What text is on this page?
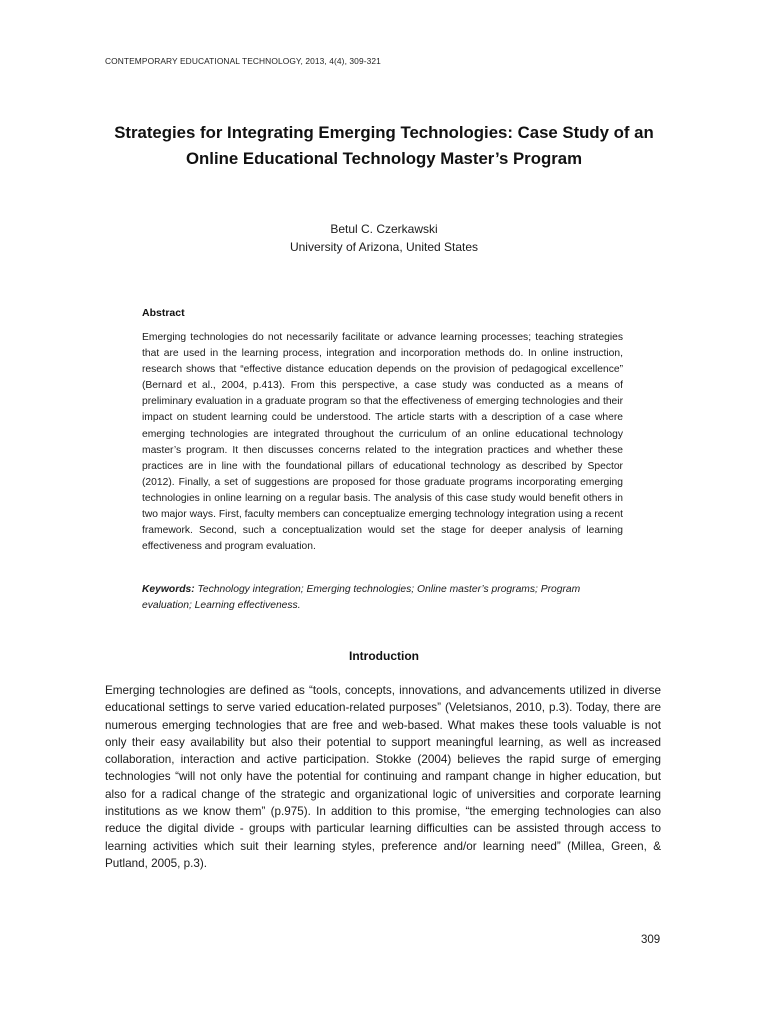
CONTEMPORARY EDUCATIONAL TECHNOLOGY, 2013, 4(4), 309-321
Strategies for Integrating Emerging Technologies: Case Study of an
Online Educational Technology Master’s Program
Betul C. Czerkawski
University of Arizona, United States
Abstract
Emerging technologies do not necessarily facilitate or advance learning processes; teaching strategies that are used in the learning process, integration and incorporation methods do. In online instruction, research shows that “effective distance education depends on the provision of pedagogical excellence” (Bernard et al., 2004, p.413). From this perspective, a case study was conducted as a means of preliminary evaluation in a graduate program so that the effectiveness of emerging technologies and their impact on student learning could be understood. The article starts with a description of a case where emerging technologies are integrated throughout the curriculum of an online educational technology master’s program. It then discusses concerns related to the integration practices and whether these practices are in line with the foundational pillars of educational technology as described by Spector (2012). Finally, a set of suggestions are proposed for those graduate programs incorporating emerging technologies in online learning on a regular basis. The analysis of this case study would benefit others in two major ways. First, faculty members can conceptualize emerging technology integration using a recent framework. Second, such a conceptualization would set the stage for deeper analysis of learning effectiveness and program evaluation.
Keywords: Technology integration; Emerging technologies; Online master’s programs; Program evaluation; Learning effectiveness.
Introduction
Emerging technologies are defined as “tools, concepts, innovations, and advancements utilized in diverse educational settings to serve varied education-related purposes” (Veletsianos, 2010, p.3). Today, there are numerous emerging technologies that are free and web-based. What makes these tools valuable is not only their easy availability but also their potential to support meaningful learning, as well as increased collaboration, interaction and active participation. Stokke (2004) believes the rapid surge of emerging technologies “will not only have the potential for continuing and rampant change in higher education, but also for a radical change of the strategic and organizational logic of universities and corporate learning institutions as we know them” (p.975). In addition to this promise, “the emerging technologies can also reduce the digital divide - groups with particular learning difficulties can be assisted through access to learning activities which suit their learning styles, preference and/or learning need” (Millea, Green, & Putland, 2005, p.3).
309
